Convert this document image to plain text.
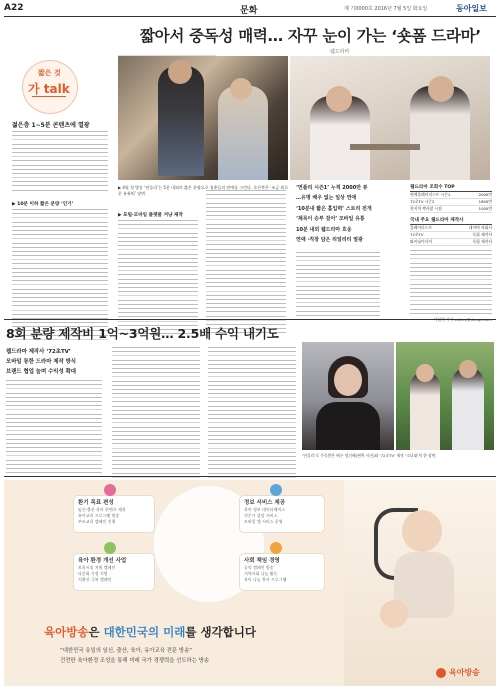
A22	문화	제 기0000호 2016년 7월 5일 화요일	동아일보
짧아서 중독성 매력… 자꾸 눈이 가는 ‘숏폼 드라마’
웹드라마
짧은 것
가 talk
젊은층 1~5분 콘텐츠에 열광
▶ 10분 이하 짧은 분량 ‘인기’
▶ 4월 첫 방송 ‘연플리’는 5분 내외의 짧은 분량으로 청춘들의 연애를 그린다. 오른쪽은 ‘조금 외로운 유튜버’ 장면.
▶ 포털·모바일 플랫폼 겨냥 제작
‘연플리 시즌1’ 누적 2000만 뷰
…유명 배우 없는 일상 연애
‘10분내 짧은 흡입력’ 스토리 전개
‘제목이 승부 걸어’ 모바일 유통
10분 내외 웹드라마 호응
연애 ·직장 담은 리얼리티 열광
웹드라마 조회수 TOP
연애플레이리스트 시즌1	2000만
72초TV 시즌2	1800만
전지적 짝사랑 시점	1000만
국내 주요 웹드라마 제작사
플레이리스트	네이버 자회사
72초TV	독립 제작사
와이낫미디어	독립 제작사
8회 분량 제작비 1억~3억원… 2.5배 수익 내기도
웹드라마 제작사 ‘72초TV’
모바일 통한 드라마 제작 방식
브랜드 협업 늘며 수익성 확대
‘연플리’로 주목받은 배우 정신혜(왼쪽 사진)와 ‘72초TV’ 제작 ‘소녀대’의 한 장면.
환기 목표 편성
임신·출산 육아 콘텐츠 제작
유아교육 프로그램 방송
부모교육 캠페인 진행
정보 서비스 제공
육아 정보 데이터베이스
전문가 상담 서비스
모바일 앱 서비스 운영
육아 환경 개선 사업
보육시설 지원 캠페인
다문화 가정 지원
저출산 극복 캠페인
사회 책임 경영
공익 캠페인 방송
지역사회 나눔 활동
육아 나눔 봉사 프로그램
육아방송은 대한민국의 미래를 생각합니다
“대한민국 유일의 임신, 출산, 육아, 유아교육 전문 방송”
건전한 육아환경 조성을 통해 미래 국가 경쟁력을 선도하는 방송
육아방송
